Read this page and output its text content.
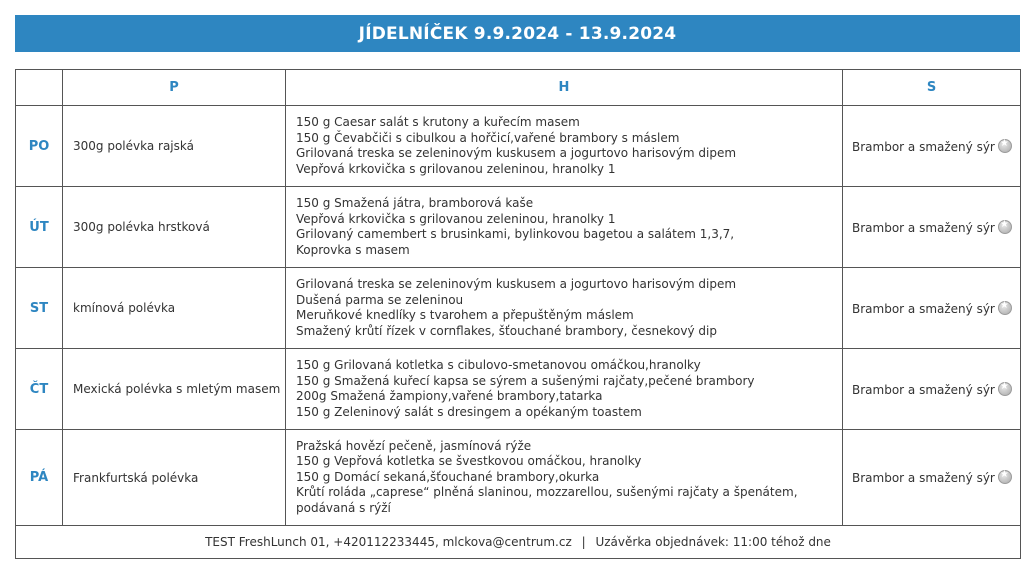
JÍDELNÍČEK 9.9.2024 - 13.9.2024
	P	H	S
PO	300g polévka rajská	150 g Caesar salát s krutony a kuřecím masem
150 g Čevabčiči s cibulkou a hořčicí,vařené brambory s máslem
Grilovaná treska se zeleninovým kuskusem a jogurtovo harisovým dipem
Vepřová krkovička s grilovanou zeleninou, hranolky 1	Brambor a smažený sýr★
ÚT	300g polévka hrstková	150 g Smažená játra, bramborová kaše
Vepřová krkovička s grilovanou zeleninou, hranolky 1
Grilovaný camembert s brusinkami, bylinkovou bagetou a salátem 1,3,7,
Koprovka s masem	Brambor a smažený sýr★
ST	kmínová polévka	Grilovaná treska se zeleninovým kuskusem a jogurtovo harisovým dipem
Dušená parma se zeleninou
Meruňkové knedlíky s tvarohem a přepuštěným máslem
Smažený krůtí řízek v cornflakes, šťouchané brambory, česnekový dip	Brambor a smažený sýr★
ČT	Mexická polévka s mletým masem	150 g Grilovaná kotletka s cibulovo-smetanovou omáčkou,hranolky
150 g Smažená kuřecí kapsa se sýrem a sušenými rajčaty,pečené brambory
200g Smažená žampiony,vařené brambory,tatarka
150 g Zeleninový salát s dresingem a opékaným toastem	Brambor a smažený sýr★
PÁ	Frankfurtská polévka	Pražská hovězí pečeně, jasmínová rýže
150 g Vepřová kotletka se švestkovou omáčkou, hranolky
150 g Domácí sekaná,šťouchané brambory,okurka
Krůtí roláda „caprese“ plněná slaninou, mozzarellou, sušenými rajčaty a špenátem,
podávaná s rýží	Brambor a smažený sýr★
TEST FreshLunch 01, +420112233445, mlckova@centrum.cz | Uzávěrka objednávek: 11:00 téhož dne			
